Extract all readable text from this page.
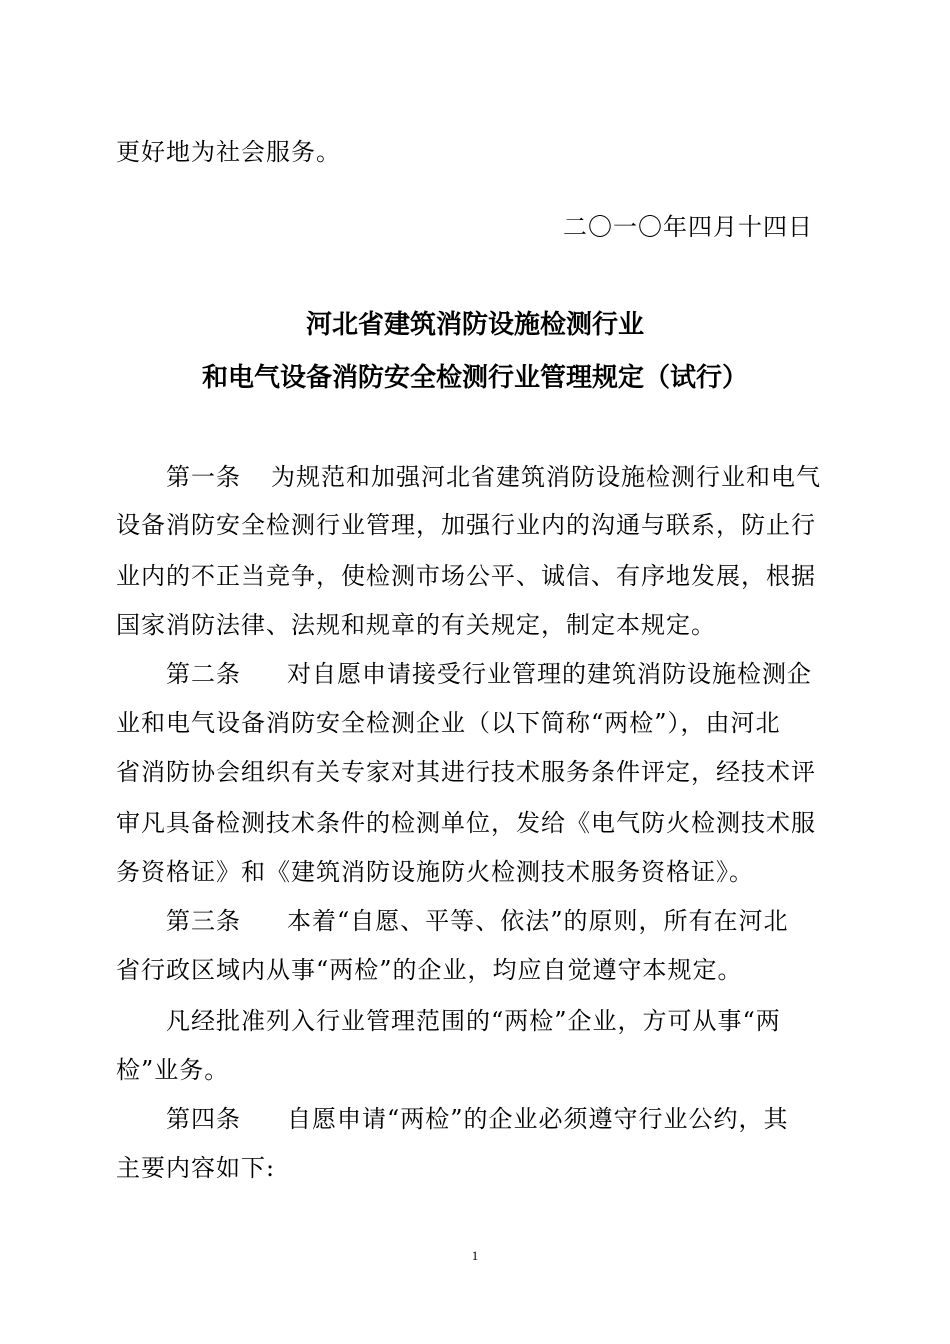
更好地为社会服务。
二〇一〇年四月十四日
河北省建筑消防设施检测行业
和电气设备消防安全检测行业管理规定（试行）
第一条 为规范和加强河北省建筑消防设施检测行业和电气
设备消防安全检测行业管理，加强行业内的沟通与联系，防止行
业内的不正当竞争，使检测市场公平、诚信、有序地发展，根据
国家消防法律、法规和规章的有关规定，制定本规定。
第二条 对自愿申请接受行业管理的建筑消防设施检测企
业和电气设备消防安全检测企业（以下简称“两检”），由河北
省消防协会组织有关专家对其进行技术服务条件评定，经技术评
审凡具备检测技术条件的检测单位，发给《电气防火检测技术服
务资格证》和《建筑消防设施防火检测技术服务资格证》。
第三条 本着“自愿、平等、依法”的原则，所有在河北
省行政区域内从事“两检”的企业，均应自觉遵守本规定。
凡经批准列入行业管理范围的“两检”企业，方可从事“两
检”业务。
第四条 自愿申请“两检”的企业必须遵守行业公约，其
主要内容如下:
1
